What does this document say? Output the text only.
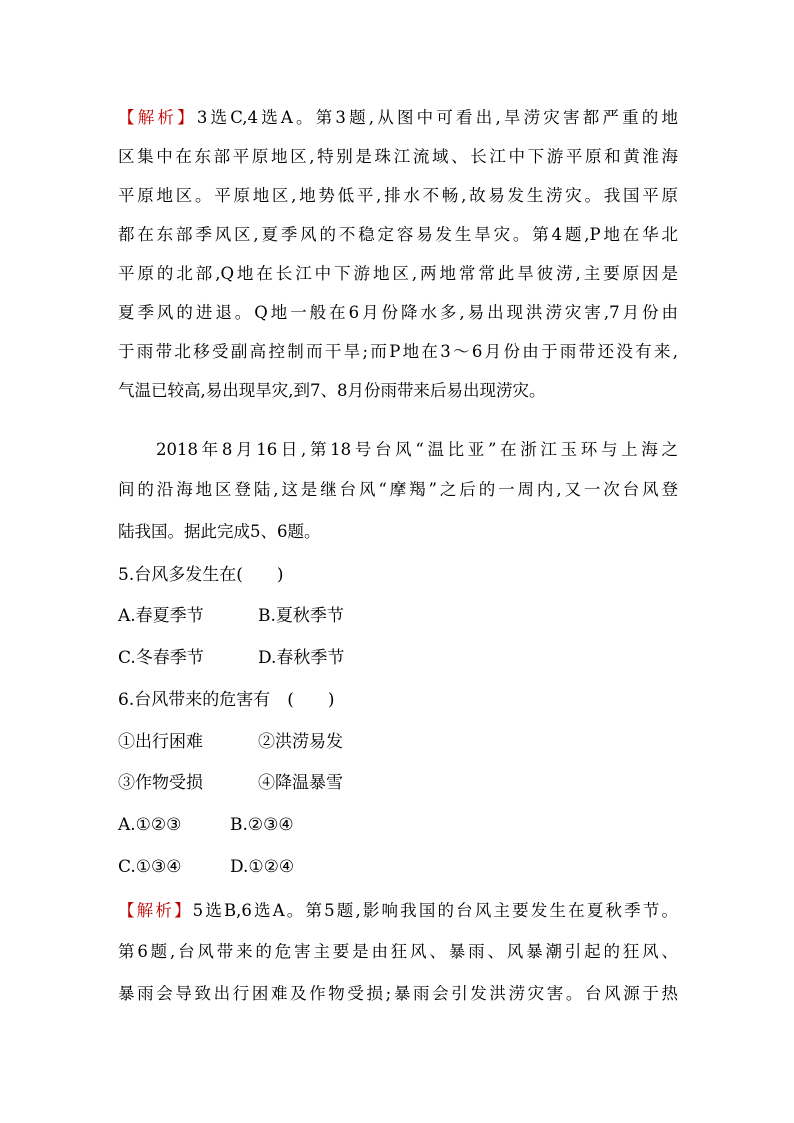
【解析】3选C,4选A。第3题,从图中可看出,旱涝灾害都严重的地
区集中在东部平原地区,特别是珠江流域、长江中下游平原和黄淮海
平原地区。平原地区,地势低平,排水不畅,故易发生涝灾。我国平原
都在东部季风区,夏季风的不稳定容易发生旱灾。第4题,P地在华北
平原的北部,Q地在长江中下游地区,两地常常此旱彼涝,主要原因是
夏季风的进退。Q地一般在6月份降水多,易出现洪涝灾害,7月份由
于雨带北移受副高控制而干旱;而P地在3～6月份由于雨带还没有来,
气温已较高,易出现旱灾,到7、8月份雨带来后易出现涝灾。
2018年8月16日,第18号台风“温比亚”在浙江玉环与上海之
间的沿海地区登陆,这是继台风“摩羯”之后的一周内,又一次台风登
陆我国。据此完成5、6题。
5.台风多发生在(　　)
A.春夏季节	B.夏秋季节
C.冬春季节	D.春秋季节
6.台风带来的危害有　(　　)
①出行困难	②洪涝易发
③作物受损	④降温暴雪
A.①②③	B.②③④
C.①③④	D.①②④
【解析】5选B,6选A。第5题,影响我国的台风主要发生在夏秋季节。
第6题,台风带来的危害主要是由狂风、暴雨、风暴潮引起的狂风、
暴雨会导致出行困难及作物受损;暴雨会引发洪涝灾害。台风源于热
